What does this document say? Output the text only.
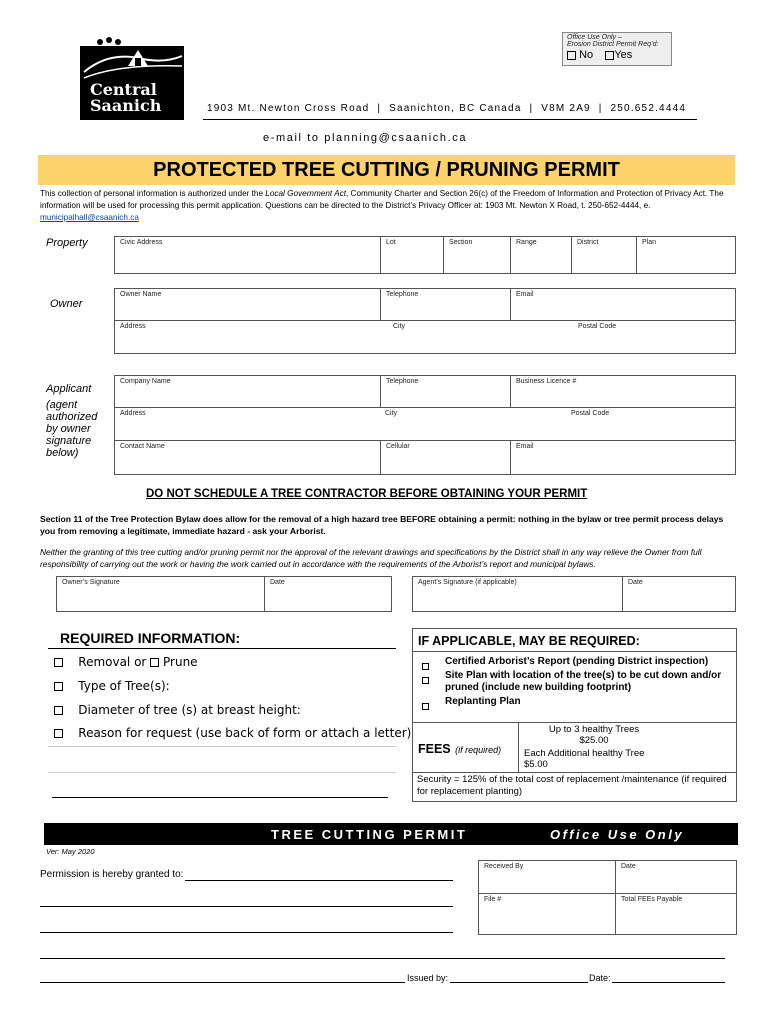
Office Use Only –
Erosion District Permit Req’d:
No Yes
Central
Saanich	1903 Mt. Newton Cross Road  |  Saanichton, BC Canada  |  V8M 2A9  |  250.652.4444
e-mail to planning@csaanich.ca
PROTECTED TREE CUTTING / PRUNING PERMIT
This collection of personal information is authorized under the Local Government Act, Community Charter and Section 26(c) of the Freedom of Information and Protection of Privacy Act. The information will be used for processing this permit application. Questions can be directed to the District’s Privacy Officer at: 1903 Mt. Newton X Road, t. 250-652-4444, e. municipalhall@csaanich.ca
Property	Civic Address	Lot	Section	Range	District	Plan
Owner
Owner Name	Telephone	Email
Address	City	Postal Code
Applicant
(agent authorized by owner signature below)
Company Name	Telephone	Business Licence #
Address	City	Postal Code
Contact Name	Cellular	Email
DO NOT SCHEDULE A TREE CONTRACTOR BEFORE OBTAINING YOUR PERMIT
Section 11 of the Tree Protection Bylaw does allow for the removal of a high hazard tree BEFORE obtaining a permit: nothing in the bylaw or tree permit process delays you from removing a legitimate, immediate hazard - ask your Arborist.
Neither the granting of this tree cutting and/or pruning permit nor the approval of the relevant drawings and specifications by the District shall in any way relieve the Owner from full responsibility of carrying out the work or having the work carried out in accordance with the requirements of the Arborist’s report and municipal bylaws.
Owner’s Signature	Date	Agent’s Signature (if applicable)	Date
REQUIRED INFORMATION:
Removal or Prune
Type of Tree(s):
Diameter of tree (s) at breast height:
Reason for request (use back of form or attach a letter)
IF APPLICABLE, MAY BE REQUIRED:
Certified Arborist’s Report (pending District inspection)
Site Plan with location of the tree(s) to be cut down and/or pruned (include new building footprint)
Replanting Plan
FEES (if required)
Up to 3 healthy Trees
$25.00
Each Additional healthy Tree
$5.00
Security = 125% of the total cost of replacement /maintenance (if required for replacement planting)
TREE CUTTING PERMIT	Office Use Only
Ver: May 2020
Permission is hereby granted to:
Received By	Date
File #	Total FEEs Payable
Issued by:	Date:
